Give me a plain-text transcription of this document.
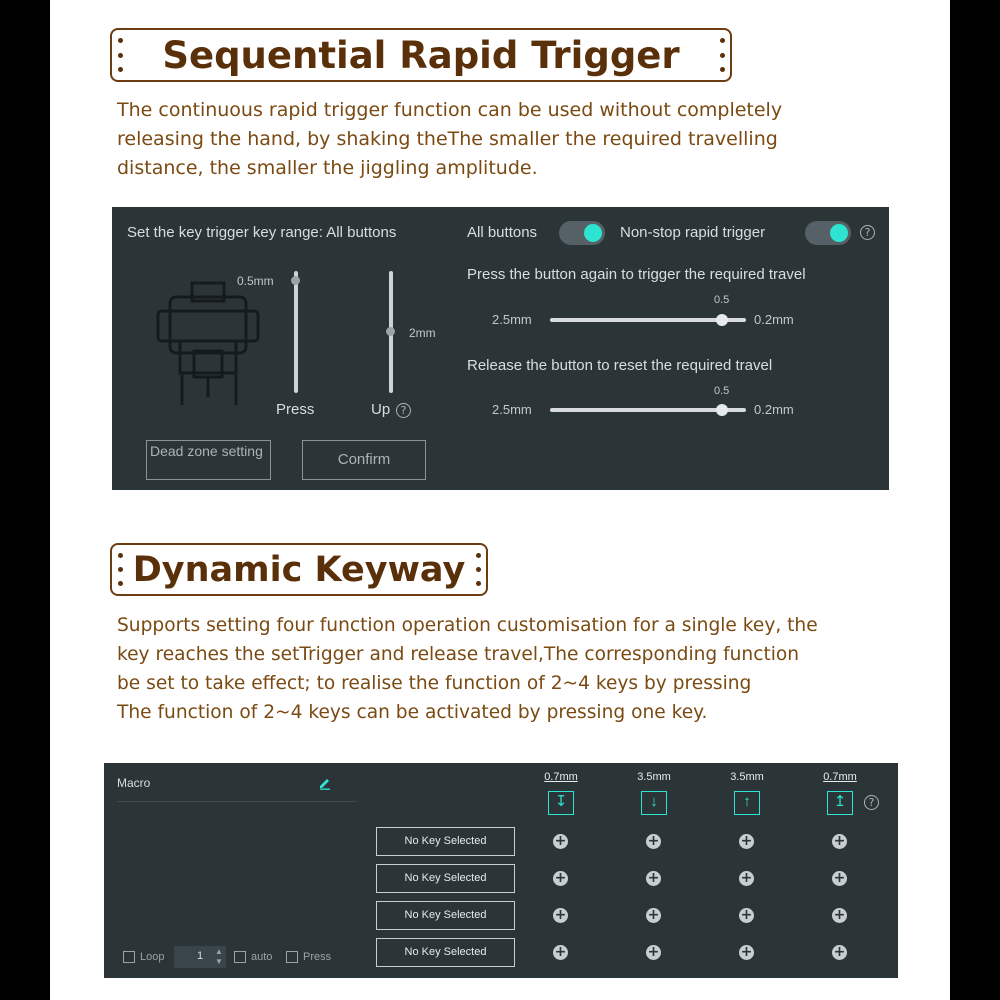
Sequential Rapid Trigger
The continuous rapid trigger function can be used without completely
releasing the hand, by shaking theThe smaller the required travelling
distance, the smaller the jiggling amplitude.
Set the key trigger key range: All buttons	All buttons	Non-stop rapid trigger	?
0.5mm
Press
2mm
Up ?
Press the button again to trigger the required travel
0.5
2.5mm	0.2mm
Release the button to reset the required travel
0.5
2.5mm	0.2mm
Dead zone setting	Confirm
Dynamic Keyway
Supports setting four function operation customisation for a single key, the
key reaches the setTrigger and release travel,The corresponding function
be set to take effect; to realise the function of 2~4 keys by pressing
The function of 2~4 keys can be activated by pressing one key.
Macro
Loop	1 ▲
▼	auto	Press
0.7mm	3.5mm	3.5mm	0.7mm
↧	↓	↑	↥	?
No Key Selected	+	+	+	+
No Key Selected	+	+	+	+
No Key Selected	+	+	+	+
No Key Selected	+	+	+	+
